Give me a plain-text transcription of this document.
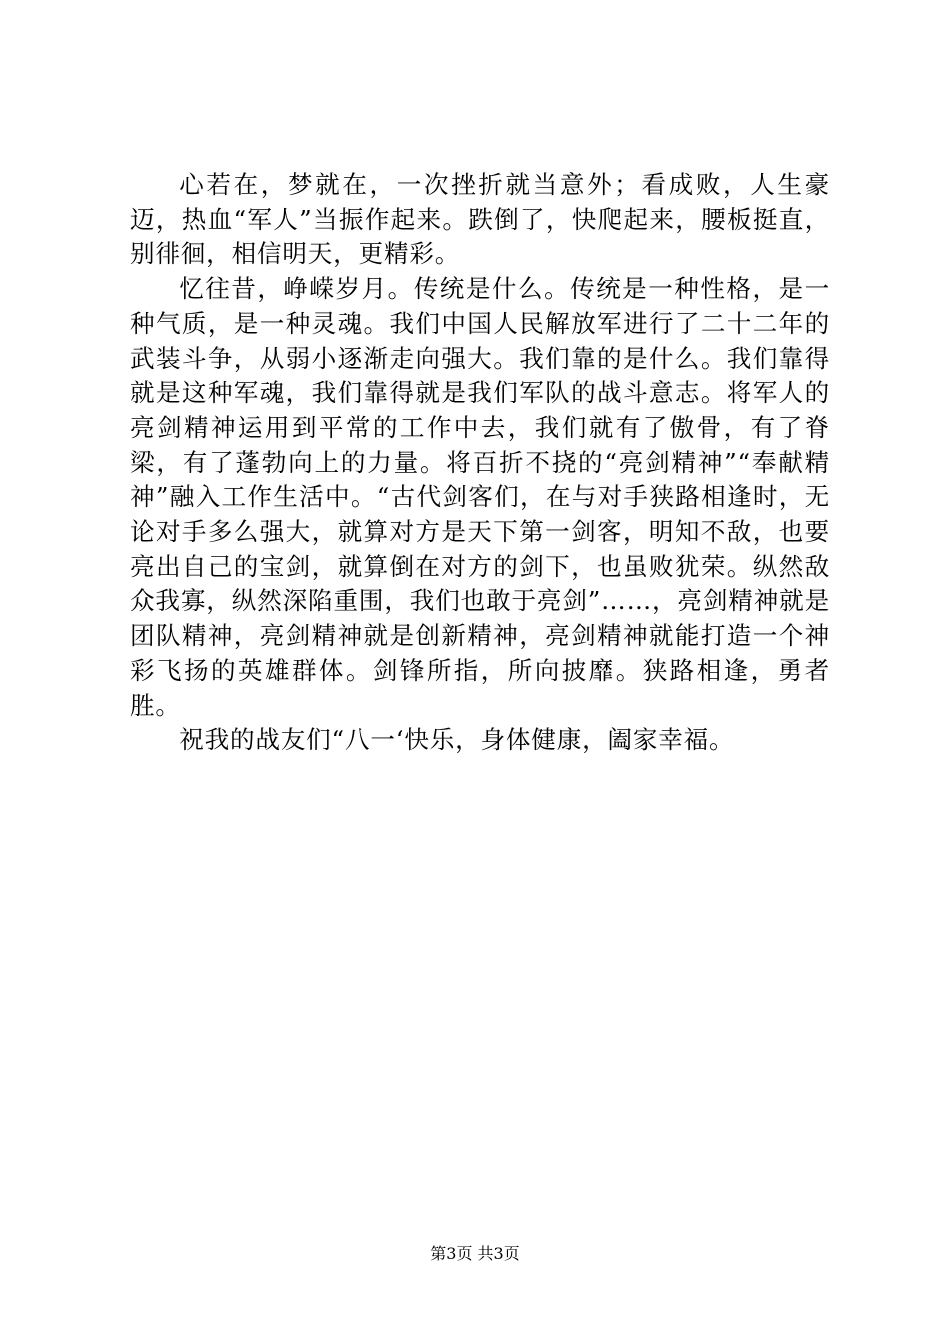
心若在，梦就在，一次挫折就当意外；看成败，人生豪迈，热血“军人”当振作起来。跌倒了，快爬起来，腰板挺直，别徘徊，相信明天，更精彩。

忆往昔，峥嵘岁月。传统是什么。传统是一种性格，是一种气质，是一种灵魂。我们中国人民解放军进行了二十二年的武装斗争，从弱小逐渐走向强大。我们靠的是什么。我们靠得就是这种军魂，我们靠得就是我们军队的战斗意志。将军人的亮剑精神运用到平常的工作中去，我们就有了傲骨，有了脊梁，有了蓬勃向上的力量。将百折不挠的“亮剑精神”“奉献精神”融入工作生活中。“古代剑客们，在与对手狭路相逢时，无论对手多么强大，就算对方是天下第一剑客，明知不敌，也要亮出自己的宝剑，就算倒在对方的剑下，也虽败犹荣。纵然敌众我寡，纵然深陷重围，我们也敢于亮剑”……，亮剑精神就是团队精神，亮剑精神就是创新精神，亮剑精神就能打造一个神彩飞扬的英雄群体。剑锋所指，所向披靡。狭路相逢，勇者胜。

祝我的战友们“八一‘快乐，身体健康，阖家幸福。

第3页 共3页
